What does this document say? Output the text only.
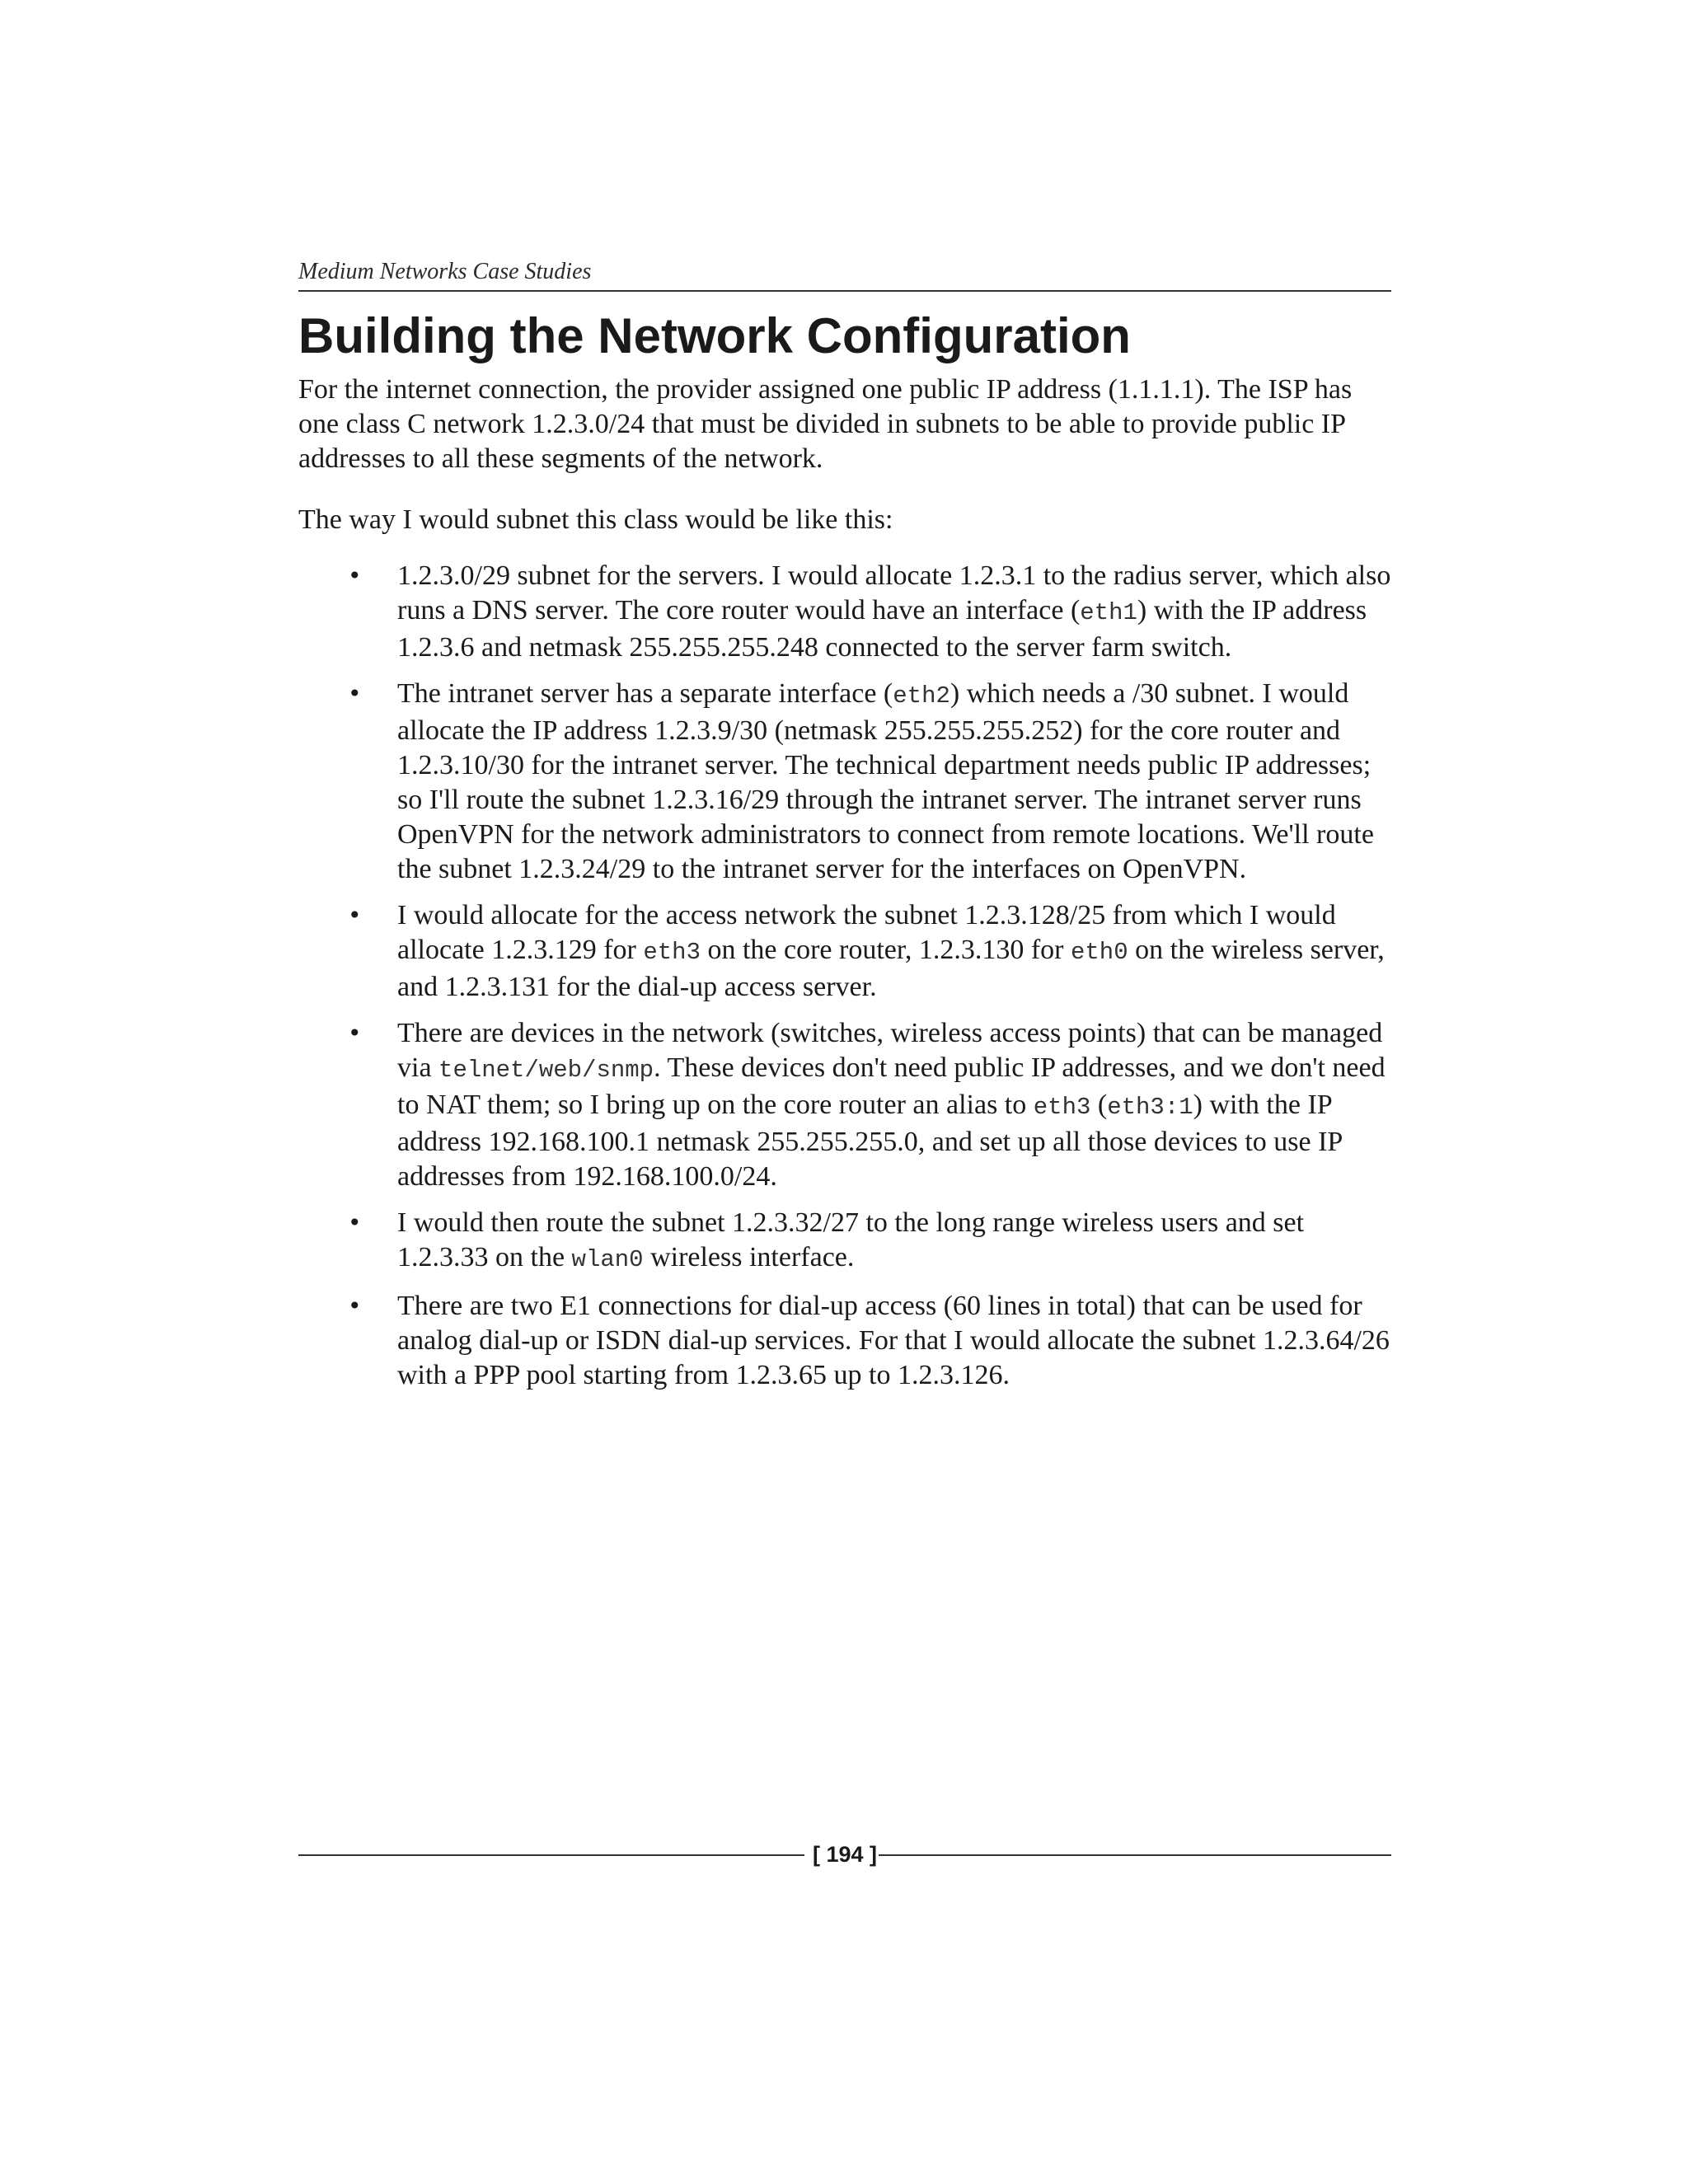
Medium Networks Case Studies
Building the Network Configuration

For the internet connection, the provider assigned one public IP address (1.1.1.1). The ISP has one class C network 1.2.3.0/24 that must be divided in subnets to be able to provide public IP addresses to all these segments of the network.

The way I would subnet this class would be like this:

• 1.2.3.0/29 subnet for the servers. I would allocate 1.2.3.1 to the radius server, which also runs a DNS server. The core router would have an interface (eth1) with the IP address 1.2.3.6 and netmask 255.255.255.248 connected to the server farm switch.
• The intranet server has a separate interface (eth2) which needs a /30 subnet. I would allocate the IP address 1.2.3.9/30 (netmask 255.255.255.252) for the core router and 1.2.3.10/30 for the intranet server. The technical department needs public IP addresses; so I'll route the subnet 1.2.3.16/29 through the intranet server. The intranet server runs OpenVPN for the network administrators to connect from remote locations. We'll route the subnet 1.2.3.24/29 to the intranet server for the interfaces on OpenVPN.
• I would allocate for the access network the subnet 1.2.3.128/25 from which I would allocate 1.2.3.129 for eth3 on the core router, 1.2.3.130 for eth0 on the wireless server, and 1.2.3.131 for the dial-up access server.
• There are devices in the network (switches, wireless access points) that can be managed via telnet/web/snmp. These devices don't need public IP addresses, and we don't need to NAT them; so I bring up on the core router an alias to eth3 (eth3:1) with the IP address 192.168.100.1 netmask 255.255.255.0, and set up all those devices to use IP addresses from 192.168.100.0/24.
• I would then route the subnet 1.2.3.32/27 to the long range wireless users and set 1.2.3.33 on the wlan0 wireless interface.
• There are two E1 connections for dial-up access (60 lines in total) that can be used for analog dial-up or ISDN dial-up services. For that I would allocate the subnet 1.2.3.64/26 with a PPP pool starting from 1.2.3.65 up to 1.2.3.126.
[ 194 ]
